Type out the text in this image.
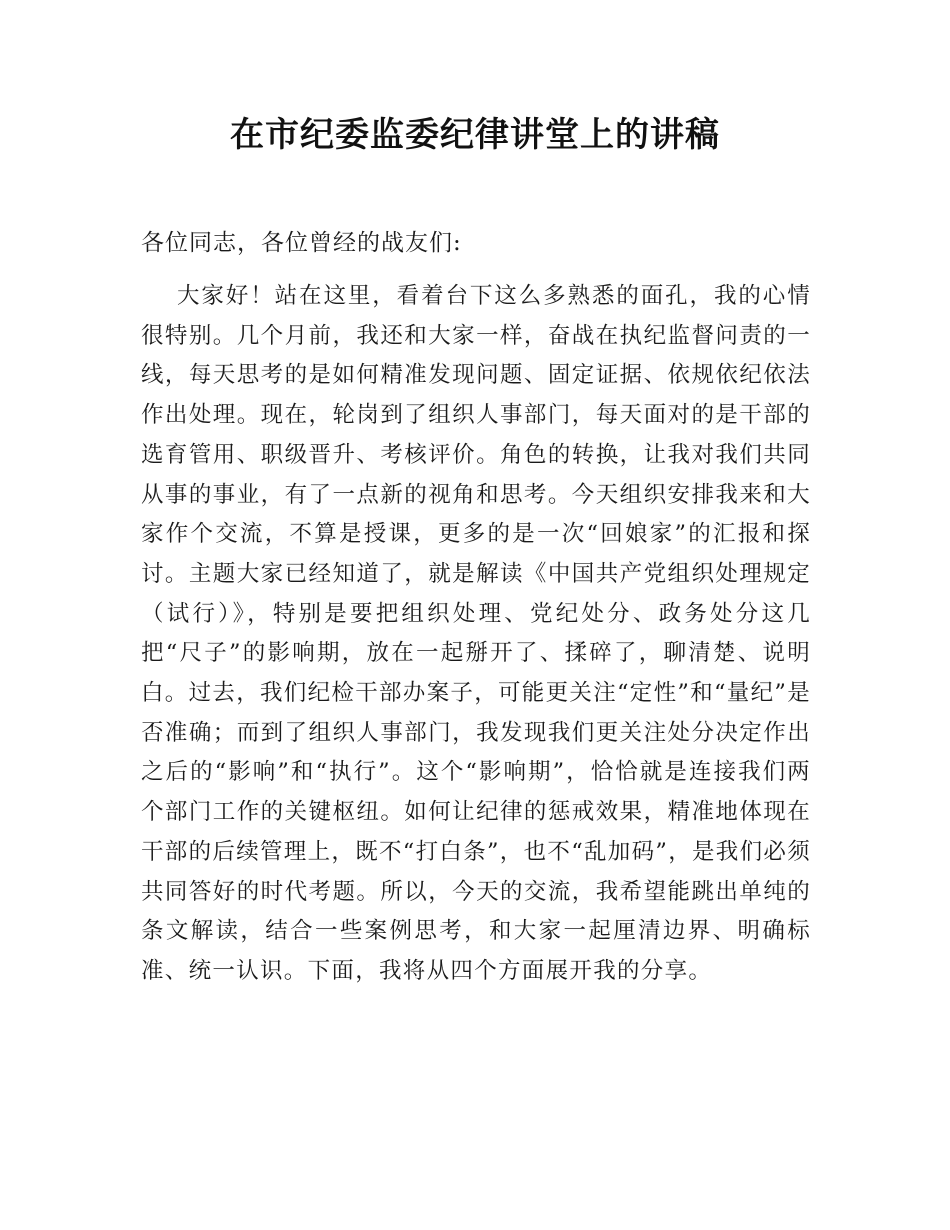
在市纪委监委纪律讲堂上的讲稿

各位同志，各位曾经的战友们:

大家好！站在这里，看着台下这么多熟悉的面孔，我的心情很特别。几个月前，我还和大家一样，奋战在执纪监督问责的一线，每天思考的是如何精准发现问题、固定证据、依规依纪依法作出处理。现在，轮岗到了组织人事部门，每天面对的是干部的选育管用、职级晋升、考核评价。角色的转换，让我对我们共同从事的事业，有了一点新的视角和思考。今天组织安排我来和大家作个交流，不算是授课，更多的是一次“回娘家”的汇报和探讨。主题大家已经知道了，就是解读《中国共产党组织处理规定（试行）》，特别是要把组织处理、党纪处分、政务处分这几把“尺子”的影响期，放在一起掰开了、揉碎了，聊清楚、说明白。过去，我们纪检干部办案子，可能更关注“定性”和“量纪”是否准确；而到了组织人事部门，我发现我们更关注处分决定作出之后的“影响”和“执行”。这个“影响期”，恰恰就是连接我们两个部门工作的关键枢纽。如何让纪律的惩戒效果，精准地体现在干部的后续管理上，既不“打白条”，也不“乱加码”，是我们必须共同答好的时代考题。所以，今天的交流，我希望能跳出单纯的条文解读，结合一些案例思考，和大家一起厘清边界、明确标准、统一认识。下面，我将从四个方面展开我的分享。
